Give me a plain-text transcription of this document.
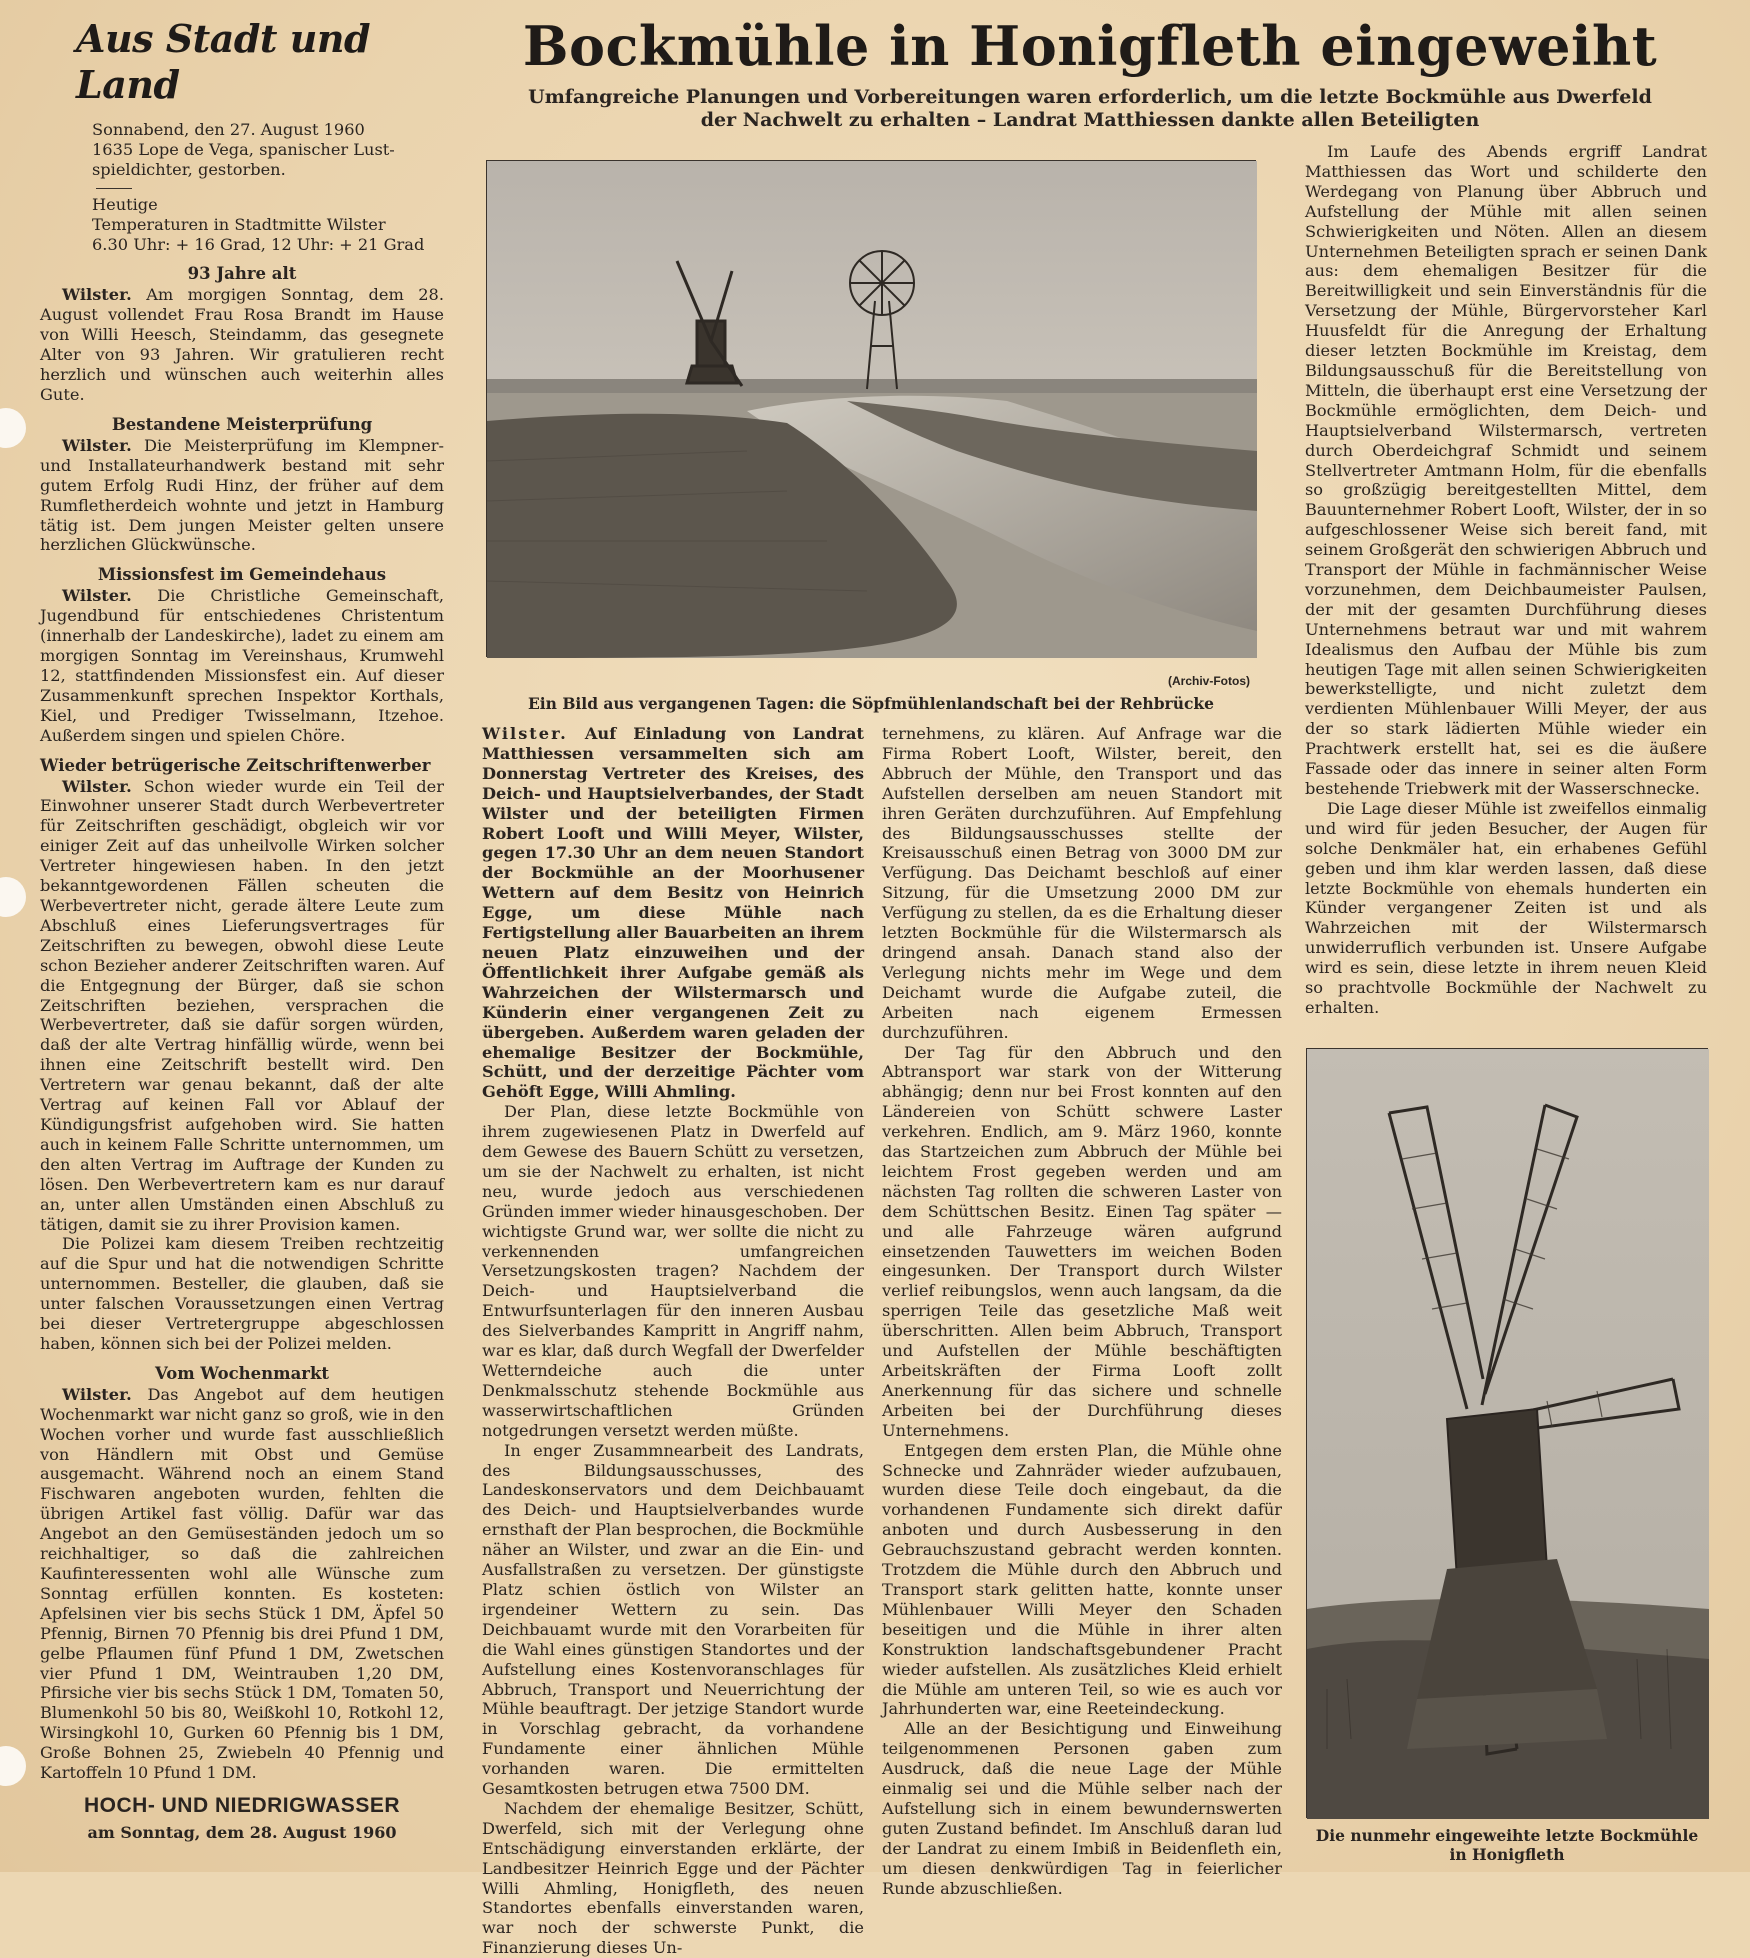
Aus Stadt und Land
Sonnabend, den 27. August 1960
1635 Lope de Vega, spanischer Lust-
spieldichter, gestorben.
Heutige
Temperaturen in Stadtmitte Wilster
6.30 Uhr: + 16 Grad, 12 Uhr: + 21 Grad
93 Jahre alt
Wilster. Am morgigen Sonntag, dem 28. August vollendet Frau Rosa Brandt im Hause von Willi Heesch, Steindamm, das gesegnete Alter von 93 Jahren. Wir gratulieren recht herzlich und wünschen auch weiterhin alles Gute.
Bestandene Meisterprüfung
Wilster. Die Meisterprüfung im Klempner- und Installateurhandwerk bestand mit sehr gutem Erfolg Rudi Hinz, der früher auf dem Rumfletherdeich wohnte und jetzt in Hamburg tätig ist. Dem jungen Meister gelten unsere herzlichen Glückwünsche.
Missionsfest im Gemeindehaus
Wilster. Die Christliche Gemeinschaft, Jugendbund für entschiedenes Christentum (innerhalb der Landeskirche), ladet zu einem am morgigen Sonntag im Vereinshaus, Krumwehl 12, stattfindenden Missionsfest ein. Auf dieser Zusammenkunft sprechen Inspektor Korthals, Kiel, und Prediger Twisselmann, Itzehoe. Außerdem singen und spielen Chöre.
Wieder betrügerische Zeitschriftenwerber
Wilster. Schon wieder wurde ein Teil der Einwohner unserer Stadt durch Werbevertreter für Zeitschriften geschädigt, obgleich wir vor einiger Zeit auf das unheilvolle Wirken solcher Vertreter hingewiesen haben. In den jetzt bekanntgewordenen Fällen scheuten die Werbevertreter nicht, gerade ältere Leute zum Abschluß eines Lieferungsvertrages für Zeitschriften zu bewegen, obwohl diese Leute schon Bezieher anderer Zeitschriften waren. Auf die Entgegnung der Bürger, daß sie schon Zeitschriften beziehen, versprachen die Werbevertreter, daß sie dafür sorgen würden, daß der alte Vertrag hinfällig würde, wenn bei ihnen eine Zeitschrift bestellt wird. Den Vertretern war genau bekannt, daß der alte Vertrag auf keinen Fall vor Ablauf der Kündigungsfrist aufgehoben wird. Sie hatten auch in keinem Falle Schritte unternommen, um den alten Vertrag im Auftrage der Kunden zu lösen. Den Werbevertretern kam es nur darauf an, unter allen Umständen einen Abschluß zu tätigen, damit sie zu ihrer Provision kamen.
Die Polizei kam diesem Treiben rechtzeitig auf die Spur und hat die notwendigen Schritte unternommen. Besteller, die glauben, daß sie unter falschen Voraussetzungen einen Vertrag bei dieser Vertretergruppe abgeschlossen haben, können sich bei der Polizei melden.
Vom Wochenmarkt
Wilster. Das Angebot auf dem heutigen Wochenmarkt war nicht ganz so groß, wie in den Wochen vorher und wurde fast ausschließlich von Händlern mit Obst und Gemüse ausgemacht. Während noch an einem Stand Fischwaren angeboten wurden, fehlten die übrigen Artikel fast völlig. Dafür war das Angebot an den Gemüseständen jedoch um so reichhaltiger, so daß die zahlreichen Kaufinteressenten wohl alle Wünsche zum Sonntag erfüllen konnten. Es kosteten: Apfelsinen vier bis sechs Stück 1 DM, Äpfel 50 Pfennig, Birnen 70 Pfennig bis drei Pfund 1 DM, gelbe Pflaumen fünf Pfund 1 DM, Zwetschen vier Pfund 1 DM, Weintrauben 1,20 DM, Pfirsiche vier bis sechs Stück 1 DM, Tomaten 50, Blumenkohl 50 bis 80, Weißkohl 10, Rotkohl 12, Wirsingkohl 10, Gurken 60 Pfennig bis 1 DM, Große Bohnen 25, Zwiebeln 40 Pfennig und Kartoffeln 10 Pfund 1 DM.
HOCH- UND NIEDRIGWASSER
am Sonntag, dem 28. August 1960
Bockmühle in Honigfleth eingeweiht
Umfangreiche Planungen und Vorbereitungen waren erforderlich, um die letzte Bockmühle aus Dwerfeld
der Nachwelt zu erhalten – Landrat Matthiessen dankte allen Beteiligten
(Archiv-Fotos)
Ein Bild aus vergangenen Tagen: die Söpfmühlenlandschaft bei der Rehbrücke
Wilster. Auf Einladung von Landrat Matthiessen versammelten sich am Donnerstag Vertreter des Kreises, des Deich- und Hauptsielverbandes, der Stadt Wilster und der beteiligten Firmen Robert Looft und Willi Meyer, Wilster, gegen 17.30 Uhr an dem neuen Standort der Bockmühle an der Moorhusener Wettern auf dem Besitz von Heinrich Egge, um diese Mühle nach Fertigstellung aller Bauarbeiten an ihrem neuen Platz einzuweihen und der Öffentlichkeit ihrer Aufgabe gemäß als Wahrzeichen der Wilstermarsch und Künderin einer vergangenen Zeit zu übergeben. Außerdem waren geladen der ehemalige Besitzer der Bockmühle, Schütt, und der derzeitige Pächter vom Gehöft Egge, Willi Ahmling.
Der Plan, diese letzte Bockmühle von ihrem zugewiesenen Platz in Dwerfeld auf dem Gewese des Bauern Schütt zu versetzen, um sie der Nachwelt zu erhalten, ist nicht neu, wurde jedoch aus verschiedenen Gründen immer wieder hinausgeschoben. Der wichtigste Grund war, wer sollte die nicht zu verkennenden umfangreichen Versetzungskosten tragen? Nachdem der Deich- und Hauptsielverband die Entwurfsunterlagen für den inneren Ausbau des Sielverbandes Kampritt in Angriff nahm, war es klar, daß durch Wegfall der Dwerfelder Wetterndeiche auch die unter Denkmalsschutz stehende Bockmühle aus wasserwirtschaftlichen Gründen notgedrungen versetzt werden müßte.
In enger Zusammnearbeit des Landrats, des Bildungsausschusses, des Landeskonservators und dem Deichbauamt des Deich- und Hauptsielverbandes wurde ernsthaft der Plan besprochen, die Bockmühle näher an Wilster, und zwar an die Ein- und Ausfallstraßen zu versetzen. Der günstigste Platz schien östlich von Wilster an irgendeiner Wettern zu sein. Das Deichbauamt wurde mit den Vorarbeiten für die Wahl eines günstigen Standortes und der Aufstellung eines Kostenvoranschlages für Abbruch, Transport und Neuerrichtung der Mühle beauftragt. Der jetzige Standort wurde in Vorschlag gebracht, da vorhandene Fundamente einer ähnlichen Mühle vorhanden waren. Die ermittelten Gesamtkosten betrugen etwa 7500 DM.
Nachdem der ehemalige Besitzer, Schütt, Dwerfeld, sich mit der Verlegung ohne Entschädigung einverstanden erklärte, der Landbesitzer Heinrich Egge und der Pächter Willi Ahmling, Honigfleth, des neuen Standortes ebenfalls einverstanden waren, war noch der schwerste Punkt, die Finanzierung dieses Un-
ternehmens, zu klären. Auf Anfrage war die Firma Robert Looft, Wilster, bereit, den Abbruch der Mühle, den Transport und das Aufstellen derselben am neuen Standort mit ihren Geräten durchzuführen. Auf Empfehlung des Bildungsausschusses stellte der Kreisausschuß einen Betrag von 3000 DM zur Verfügung. Das Deichamt beschloß auf einer Sitzung, für die Umsetzung 2000 DM zur Verfügung zu stellen, da es die Erhaltung dieser letzten Bockmühle für die Wilstermarsch als dringend ansah. Danach stand also der Verlegung nichts mehr im Wege und dem Deichamt wurde die Aufgabe zuteil, die Arbeiten nach eigenem Ermessen durchzuführen.
Der Tag für den Abbruch und den Abtransport war stark von der Witterung abhängig; denn nur bei Frost konnten auf den Ländereien von Schütt schwere Laster verkehren. Endlich, am 9. März 1960, konnte das Startzeichen zum Abbruch der Mühle bei leichtem Frost gegeben werden und am nächsten Tag rollten die schweren Laster von dem Schüttschen Besitz. Einen Tag später — und alle Fahrzeuge wären aufgrund einsetzenden Tauwetters im weichen Boden eingesunken. Der Transport durch Wilster verlief reibungslos, wenn auch langsam, da die sperrigen Teile das gesetzliche Maß weit überschritten. Allen beim Abbruch, Transport und Aufstellen der Mühle beschäftigten Arbeitskräften der Firma Looft zollt Anerkennung für das sichere und schnelle Arbeiten bei der Durchführung dieses Unternehmens.
Entgegen dem ersten Plan, die Mühle ohne Schnecke und Zahnräder wieder aufzubauen, wurden diese Teile doch eingebaut, da die vorhandenen Fundamente sich direkt dafür anboten und durch Ausbesserung in den Gebrauchszustand gebracht werden konnten. Trotzdem die Mühle durch den Abbruch und Transport stark gelitten hatte, konnte unser Mühlenbauer Willi Meyer den Schaden beseitigen und die Mühle in ihrer alten Konstruktion landschaftsgebundener Pracht wieder aufstellen. Als zusätzliches Kleid erhielt die Mühle am unteren Teil, so wie es auch vor Jahrhunderten war, eine Reeteindeckung.
Alle an der Besichtigung und Einweihung teilgenommenen Personen gaben zum Ausdruck, daß die neue Lage der Mühle einmalig sei und die Mühle selber nach der Aufstellung sich in einem bewundernswerten guten Zustand befindet. Im Anschluß daran lud der Landrat zu einem Imbiß in Beidenfleth ein, um diesen denkwürdigen Tag in feierlicher Runde abzuschließen.
Im Laufe des Abends ergriff Landrat Matthiessen das Wort und schilderte den Werdegang von Planung über Abbruch und Aufstellung der Mühle mit allen seinen Schwierigkeiten und Nöten. Allen an diesem Unternehmen Beteiligten sprach er seinen Dank aus: dem ehemaligen Besitzer für die Bereitwilligkeit und sein Einverständnis für die Versetzung der Mühle, Bürgervorsteher Karl Huusfeldt für die Anregung der Erhaltung dieser letzten Bockmühle im Kreistag, dem Bildungsausschuß für die Bereitstellung von Mitteln, die überhaupt erst eine Versetzung der Bockmühle ermöglichten, dem Deich- und Hauptsielverband Wilstermarsch, vertreten durch Oberdeichgraf Schmidt und seinem Stellvertreter Amtmann Holm, für die ebenfalls so großzügig bereitgestellten Mittel, dem Bauunternehmer Robert Looft, Wilster, der in so aufgeschlossener Weise sich bereit fand, mit seinem Großgerät den schwierigen Abbruch und Transport der Mühle in fachmännischer Weise vorzunehmen, dem Deichbaumeister Paulsen, der mit der gesamten Durchführung dieses Unternehmens betraut war und mit wahrem Idealismus den Aufbau der Mühle bis zum heutigen Tage mit allen seinen Schwierigkeiten bewerkstelligte, und nicht zuletzt dem verdienten Mühlenbauer Willi Meyer, der aus der so stark lädierten Mühle wieder ein Prachtwerk erstellt hat, sei es die äußere Fassade oder das innere in seiner alten Form bestehende Triebwerk mit der Wasserschnecke.
Die Lage dieser Mühle ist zweifellos einmalig und wird für jeden Besucher, der Augen für solche Denkmäler hat, ein erhabenes Gefühl geben und ihm klar werden lassen, daß diese letzte Bockmühle von ehemals hunderten ein Künder vergangener Zeiten ist und als Wahrzeichen mit der Wilstermarsch unwiderruflich verbunden ist. Unsere Aufgabe wird es sein, diese letzte in ihrem neuen Kleid so prachtvolle Bockmühle der Nachwelt zu erhalten.
Die nunmehr eingeweihte letzte Bockmühle in Honigfleth
